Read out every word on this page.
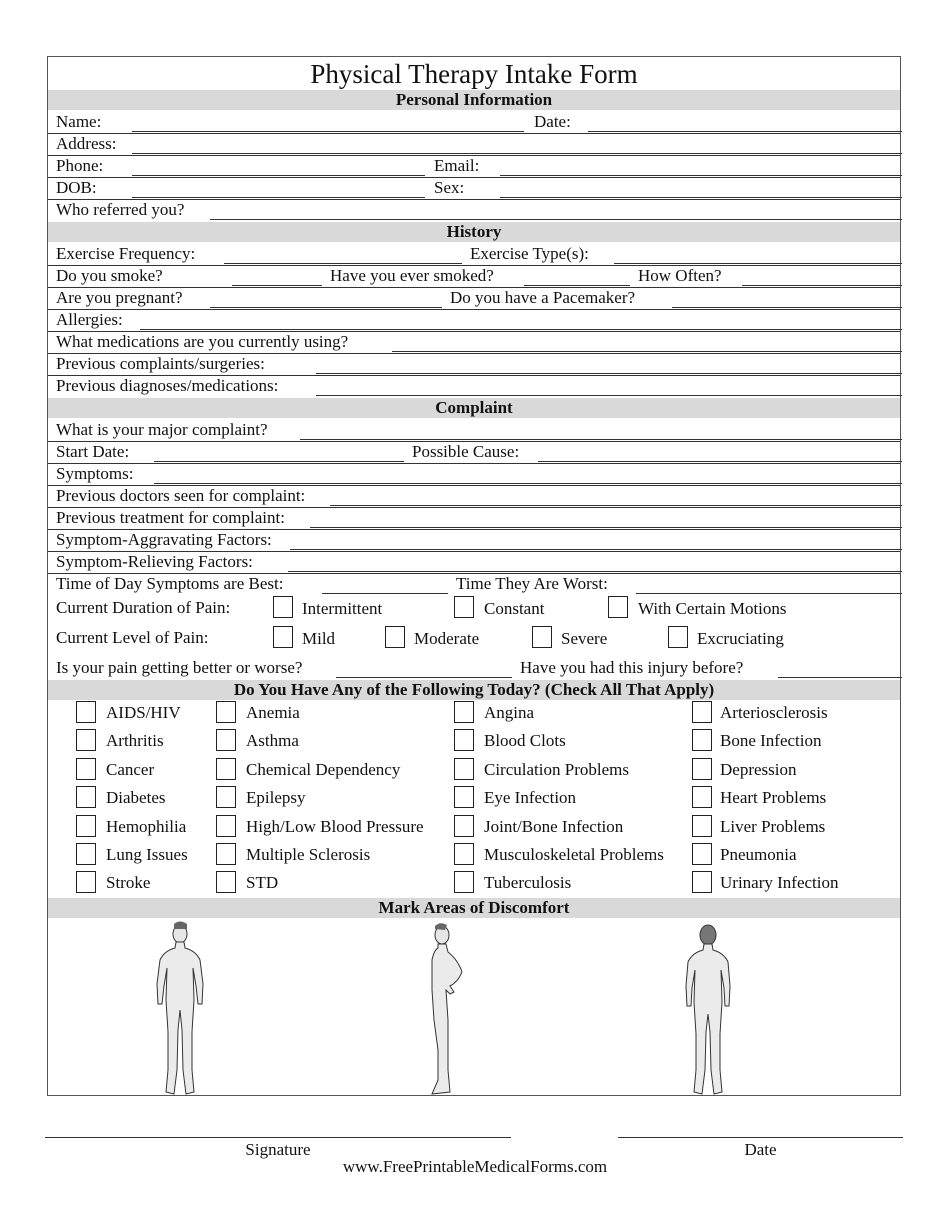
Physical Therapy Intake Form
Personal Information
Name:	Date:
Address:
Phone:	Email:
DOB:	Sex:
Who referred you?
History
Exercise Frequency:	Exercise Type(s):
Do you smoke?	Have you ever smoked?	How Often?
Are you pregnant?	Do you have a Pacemaker?
Allergies:
What medications are you currently using?
Previous complaints/surgeries:
Previous diagnoses/medications:
Complaint
What is your major complaint?
Start Date:	Possible Cause:
Symptoms:
Previous doctors seen for complaint:
Previous treatment for complaint:
Symptom-Aggravating Factors:
Symptom-Relieving Factors:
Time of Day Symptoms are Best:	Time They Are Worst:
Current Duration of Pain:	Intermittent	Constant	With Certain Motions
Current Level of Pain:	Mild	Moderate	Severe	Excruciating
Is your pain getting better or worse?	Have you had this injury before?
Do You Have Any of the Following Today? (Check All That Apply)
AIDS/HIV	Anemia	Angina	Arteriosclerosis
Arthritis	Asthma	Blood Clots	Bone Infection
Cancer	Chemical Dependency	Circulation Problems	Depression
Diabetes	Epilepsy	Eye Infection	Heart Problems
Hemophilia	High/Low Blood Pressure	Joint/Bone Infection	Liver Problems
Lung Issues	Multiple Sclerosis	Musculoskeletal Problems	Pneumonia
Stroke	STD	Tuberculosis	Urinary Infection
Mark Areas of Discomfort
Signature	Date
www.FreePrintableMedicalForms.com
